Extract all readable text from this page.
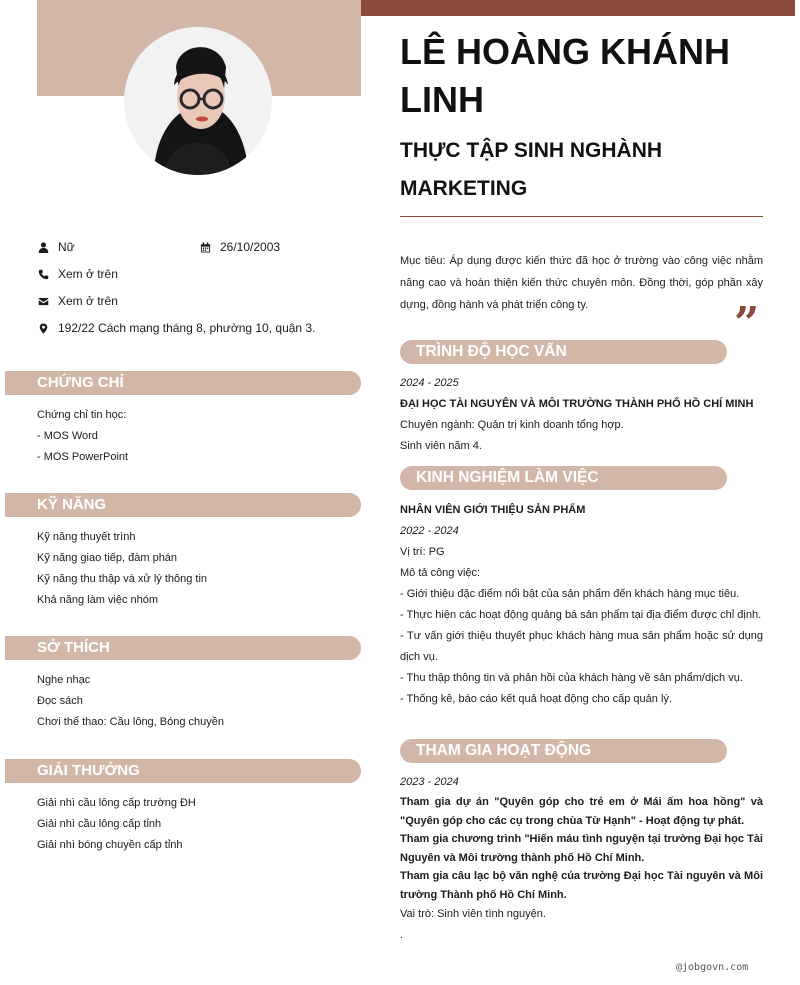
LÊ HOÀNG KHÁNH LINH
THỰC TẬP SINH NGHÀNH MARKETING
Nữ	26/10/2003
Xem ở trên
Xem ở trên
192/22 Cách mạng tháng 8, phường 10, quận 3.
CHỨNG CHỈ
Chứng chỉ tin học:
- MOS Word
- MOS PowerPoint
KỸ NĂNG
Kỹ năng thuyết trình
Kỹ năng giao tiếp, đàm phán
Kỹ năng thu thập và xử lý thông tin
Khả năng làm việc nhóm
SỞ THÍCH
Nghe nhạc
Đọc sách
Chơi thể thao: Cầu lông, Bóng chuyền
GIẢI THƯỞNG
Giải nhì cầu lông cấp trường ĐH
Giải nhì cầu lông cấp tỉnh
Giải nhì bóng chuyền cấp tỉnh
Mục tiêu: Áp dụng được kiến thức đã học ở trường vào công việc nhằm nâng cao và hoàn thiện kiến thức chuyên môn. Đồng thời, góp phần xây dựng, đồng hành và phát triển công ty.	”
TRÌNH ĐỘ HỌC VẤN
2024 - 2025
ĐẠI HỌC TÀI NGUYÊN VÀ MÔI TRƯỜNG THÀNH PHỐ HỒ CHÍ MINH
Chuyên ngành: Quản trị kinh doanh tổng hợp.
Sinh viên năm 4.
KINH NGHIỆM LÀM VIỆC
NHÂN VIÊN GIỚI THIỆU SẢN PHẨM
2022 - 2024
Vị trí: PG
Mô tả công việc:
- Giới thiệu đặc điểm nổi bật của sản phẩm đến khách hàng mục tiêu.
- Thực hiện các hoạt động quảng bá sản phẩm tại địa điểm được chỉ định.
- Tư vấn giới thiệu thuyết phục khách hàng mua sản phẩm hoặc sử dụng dịch vụ.
- Thu thập thông tin và phản hồi của khách hàng về sản phẩm/dịch vụ.
- Thống kê, báo cáo kết quả hoạt động cho cấp quản lý.
THAM GIA HOẠT ĐỘNG
2023 - 2024
Tham gia dự án "Quyên góp cho trẻ em ở Mái ấm hoa hồng" và "Quyên góp cho các cụ trong chùa Từ Hạnh" - Hoạt động tự phát.
Tham gia chương trình "Hiến máu tình nguyện tại trường Đại học Tài Nguyên và Môi trường thành phố Hồ Chí Minh.
Tham gia câu lạc bộ văn nghệ của trường Đại học Tài nguyên và Môi trường Thành phố Hồ Chí Minh.
Vai trò: Sinh viên tình nguyện.
.
@jobgovn.com
